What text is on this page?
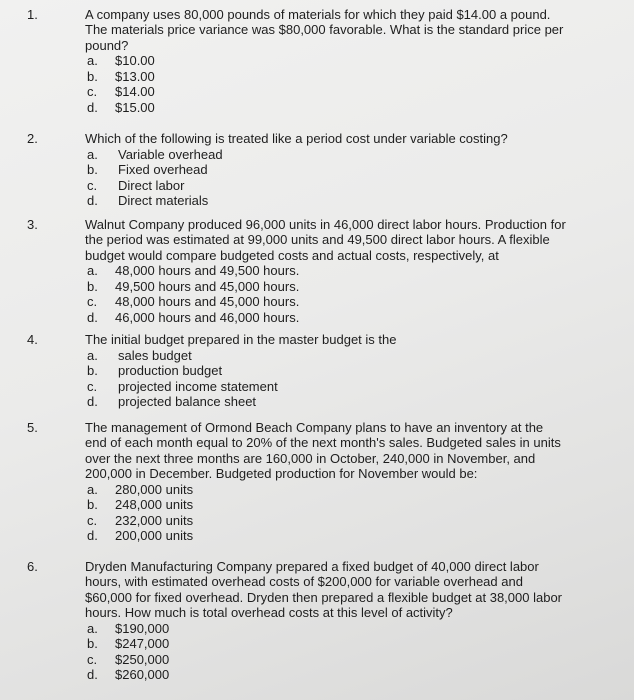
1.	A company uses 80,000 pounds of materials for which they paid $14.00 a pound.
The materials price variance was $80,000 favorable. What is the standard price per
pound?
a. $10.00
b. $13.00
c. $14.00
d. $15.00
2.	Which of the following is treated like a period cost under variable costing?
a. Variable overhead
b. Fixed overhead
c. Direct labor
d. Direct materials
3.	Walnut Company produced 96,000 units in 46,000 direct labor hours. Production for
the period was estimated at 99,000 units and 49,500 direct labor hours. A flexible
budget would compare budgeted costs and actual costs, respectively, at
a. 48,000 hours and 49,500 hours.
b. 49,500 hours and 45,000 hours.
c. 48,000 hours and 45,000 hours.
d. 46,000 hours and 46,000 hours.
4.	The initial budget prepared in the master budget is the
a. sales budget
b. production budget
c. projected income statement
d. projected balance sheet
5.	The management of Ormond Beach Company plans to have an inventory at the
end of each month equal to 20% of the next month's sales. Budgeted sales in units
over the next three months are 160,000 in October, 240,000 in November, and
200,000 in December. Budgeted production for November would be:
a. 280,000 units
b. 248,000 units
c. 232,000 units
d. 200,000 units
6.	Dryden Manufacturing Company prepared a fixed budget of 40,000 direct labor
hours, with estimated overhead costs of $200,000 for variable overhead and
$60,000 for fixed overhead. Dryden then prepared a flexible budget at 38,000 labor
hours. How much is total overhead costs at this level of activity?
a. $190,000
b. $247,000
c. $250,000
d. $260,000
